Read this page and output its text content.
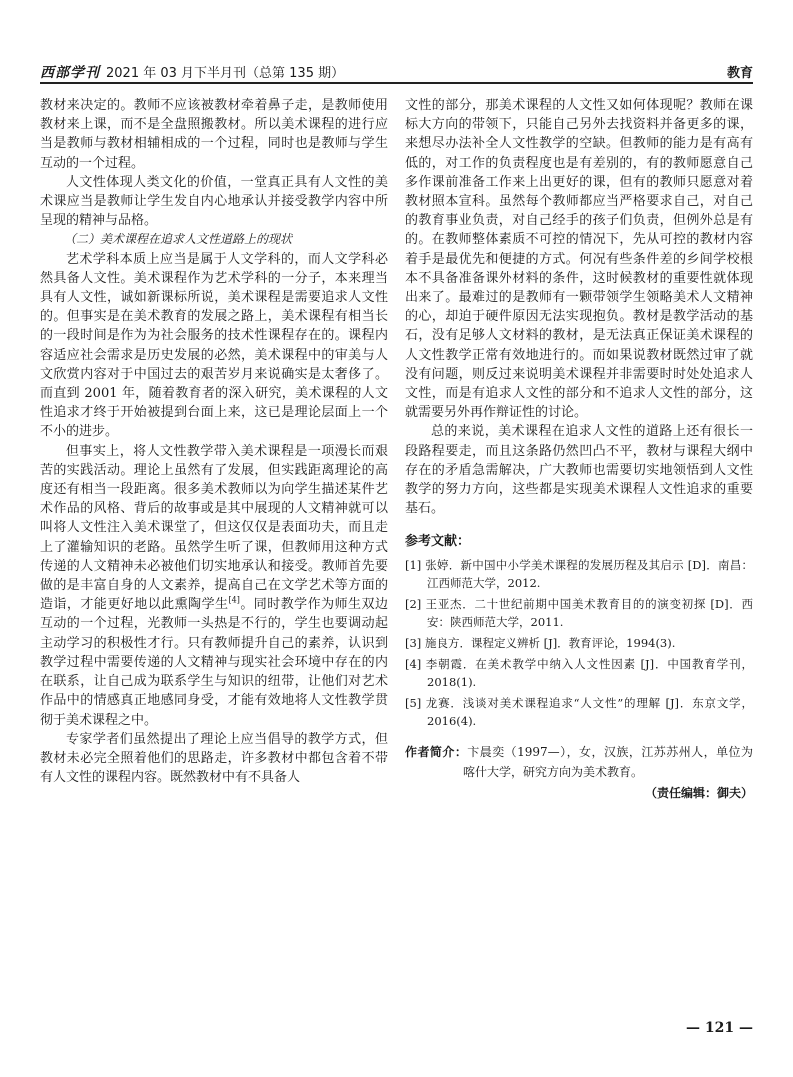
西部学刊 2021 年 03 月下半月刊（总第 135 期）	教育

教材来决定的。教师不应该被教材牵着鼻子走，是教师使用教材来上课，而不是全盘照搬教材。所以美术课程的进行应当是教师与教材相辅相成的一个过程，同时也是教师与学生互动的一个过程。

人文性体现人类文化的价值，一堂真正具有人文性的美术课应当是教师让学生发自内心地承认并接受教学内容中所呈现的精神与品格。

（二）美术课程在追求人文性道路上的现状

艺术学科本质上应当是属于人文学科的，而人文学科必然具备人文性。美术课程作为艺术学科的一分子，本来理当具有人文性，诚如新课标所说，美术课程是需要追求人文性的。但事实是在美术教育的发展之路上，美术课程有相当长的一段时间是作为为社会服务的技术性课程存在的。课程内容适应社会需求是历史发展的必然，美术课程中的审美与人文欣赏内容对于中国过去的艰苦岁月来说确实是太奢侈了。而直到 2001 年，随着教育者的深入研究，美术课程的人文性追求才终于开始被提到台面上来，这已是理论层面上一个不小的进步。

但事实上，将人文性教学带入美术课程是一项漫长而艰苦的实践活动。理论上虽然有了发展，但实践距离理论的高度还有相当一段距离。很多美术教师以为向学生描述某件艺术作品的风格、背后的故事或是其中展现的人文精神就可以叫将人文性注入美术课堂了，但这仅仅是表面功夫，而且走上了灌输知识的老路。虽然学生听了课，但教师用这种方式传递的人文精神未必被他们切实地承认和接受。教师首先要做的是丰富自身的人文素养，提高自己在文学艺术等方面的造诣，才能更好地以此熏陶学生[4]。同时教学作为师生双边互动的一个过程，光教师一头热是不行的，学生也要调动起主动学习的积极性才行。只有教师提升自己的素养，认识到教学过程中需要传递的人文精神与现实社会环境中存在的内在联系，让自己成为联系学生与知识的纽带，让他们对艺术作品中的情感真正地感同身受，才能有效地将人文性教学贯彻于美术课程之中。

专家学者们虽然提出了理论上应当倡导的教学方式，但教材未必完全照着他们的思路走，许多教材中都包含着不带有人文性的课程内容。既然教材中有不具备人

文性的部分，那美术课程的人文性又如何体现呢？教师在课标大方向的带领下，只能自己另外去找资料并备更多的课，来想尽办法补全人文性教学的空缺。但教师的能力是有高有低的，对工作的负责程度也是有差别的，有的教师愿意自己多作课前准备工作来上出更好的课，但有的教师只愿意对着教材照本宣科。虽然每个教师都应当严格要求自己，对自己的教育事业负责，对自己经手的孩子们负责，但例外总是有的。在教师整体素质不可控的情况下，先从可控的教材内容着手是最优先和便捷的方式。何况有些条件差的乡间学校根本不具备准备课外材料的条件，这时候教材的重要性就体现出来了。最难过的是教师有一颗带领学生领略美术人文精神的心，却迫于硬件原因无法实现抱负。教材是教学活动的基石，没有足够人文材料的教材，是无法真正保证美术课程的人文性教学正常有效地进行的。而如果说教材既然过审了就没有问题，则反过来说明美术课程并非需要时时处处追求人文性，而是有追求人文性的部分和不追求人文性的部分，这就需要另外再作辩证性的讨论。

总的来说，美术课程在追求人文性的道路上还有很长一段路程要走，而且这条路仍然凹凸不平，教材与课程大纲中存在的矛盾急需解决，广大教师也需要切实地领悟到人文性教学的努力方向，这些都是实现美术课程人文性追求的重要基石。

参考文献：

[1] 张婷．新中国中小学美术课程的发展历程及其启示 [D]．南昌：江西师范大学，2012.

[2] 王亚杰．二十世纪前期中国美术教育目的的演变初探 [D]．西安：陕西师范大学，2011.

[3] 施良方．课程定义辨析 [J]．教育评论，1994(3).

[4] 李朝霞．在美术教学中纳入人文性因素 [J]．中国教育学刊，2018(1).

[5] 龙赛．浅谈对美术课程追求“人文性”的理解 [J]．东京文学，2016(4).

作者简介：卞晨奕（1997—），女，汉族，江苏苏州人，单位为喀什大学，研究方向为美术教育。
（责任编辑：御夫）
— 121 —
